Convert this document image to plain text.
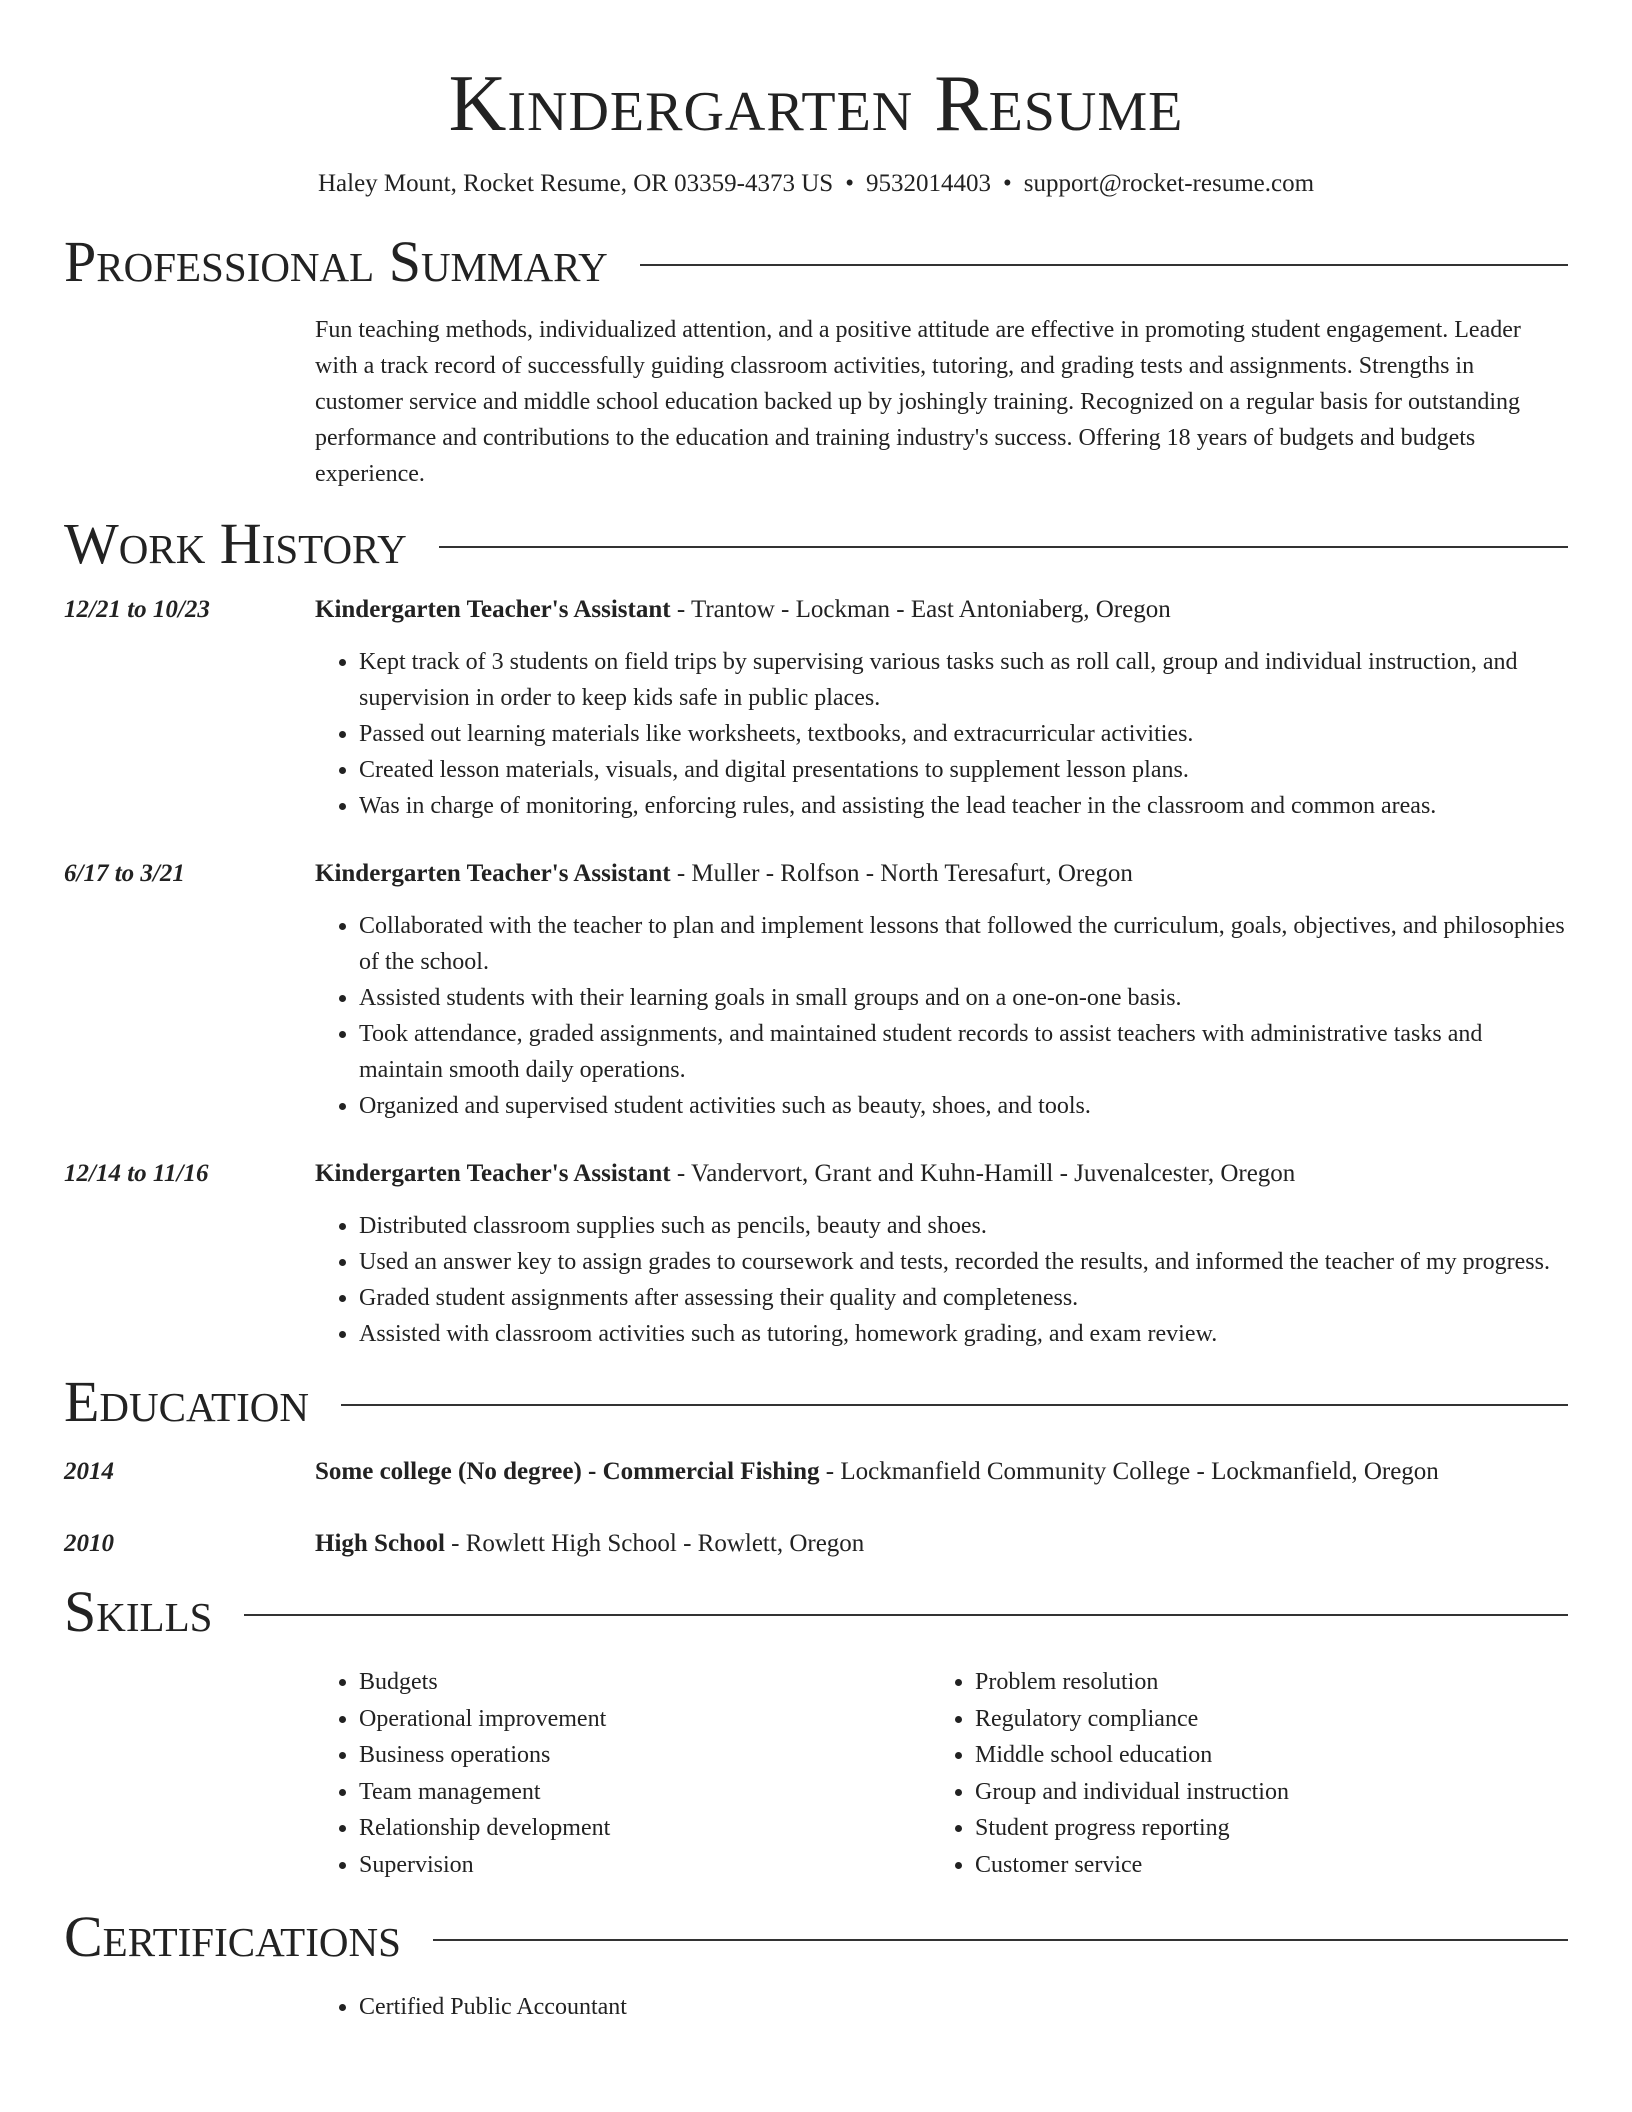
Kindergarten Resume
Haley Mount, Rocket Resume, OR 03359-4373 US • 9532014403 • support@rocket-resume.com
Professional Summary
Fun teaching methods, individualized attention, and a positive attitude are effective in promoting student engagement. Leader with a track record of successfully guiding classroom activities, tutoring, and grading tests and assignments. Strengths in customer service and middle school education backed up by joshingly training. Recognized on a regular basis for outstanding performance and contributions to the education and training industry's success. Offering 18 years of budgets and budgets experience.
Work History
12/21 to 10/23	Kindergarten Teacher's Assistant - Trantow - Lockman - East Antoniaberg, Oregon
• Kept track of 3 students on field trips by supervising various tasks such as roll call, group and individual instruction, and supervision in order to keep kids safe in public places.
• Passed out learning materials like worksheets, textbooks, and extracurricular activities.
• Created lesson materials, visuals, and digital presentations to supplement lesson plans.
• Was in charge of monitoring, enforcing rules, and assisting the lead teacher in the classroom and common areas.
6/17 to 3/21	Kindergarten Teacher's Assistant - Muller - Rolfson - North Teresafurt, Oregon
• Collaborated with the teacher to plan and implement lessons that followed the curriculum, goals, objectives, and philosophies of the school.
• Assisted students with their learning goals in small groups and on a one-on-one basis.
• Took attendance, graded assignments, and maintained student records to assist teachers with administrative tasks and maintain smooth daily operations.
• Organized and supervised student activities such as beauty, shoes, and tools.
12/14 to 11/16	Kindergarten Teacher's Assistant - Vandervort, Grant and Kuhn-Hamill - Juvenalcester, Oregon
• Distributed classroom supplies such as pencils, beauty and shoes.
• Used an answer key to assign grades to coursework and tests, recorded the results, and informed the teacher of my progress.
• Graded student assignments after assessing their quality and completeness.
• Assisted with classroom activities such as tutoring, homework grading, and exam review.
Education
2014	Some college (No degree) - Commercial Fishing - Lockmanfield Community College - Lockmanfield, Oregon
2010	High School - Rowlett High School - Rowlett, Oregon
Skills
• Budgets
• Operational improvement
• Business operations
• Team management
• Relationship development
• Supervision
• Problem resolution
• Regulatory compliance
• Middle school education
• Group and individual instruction
• Student progress reporting
• Customer service
Certifications
• Certified Public Accountant
